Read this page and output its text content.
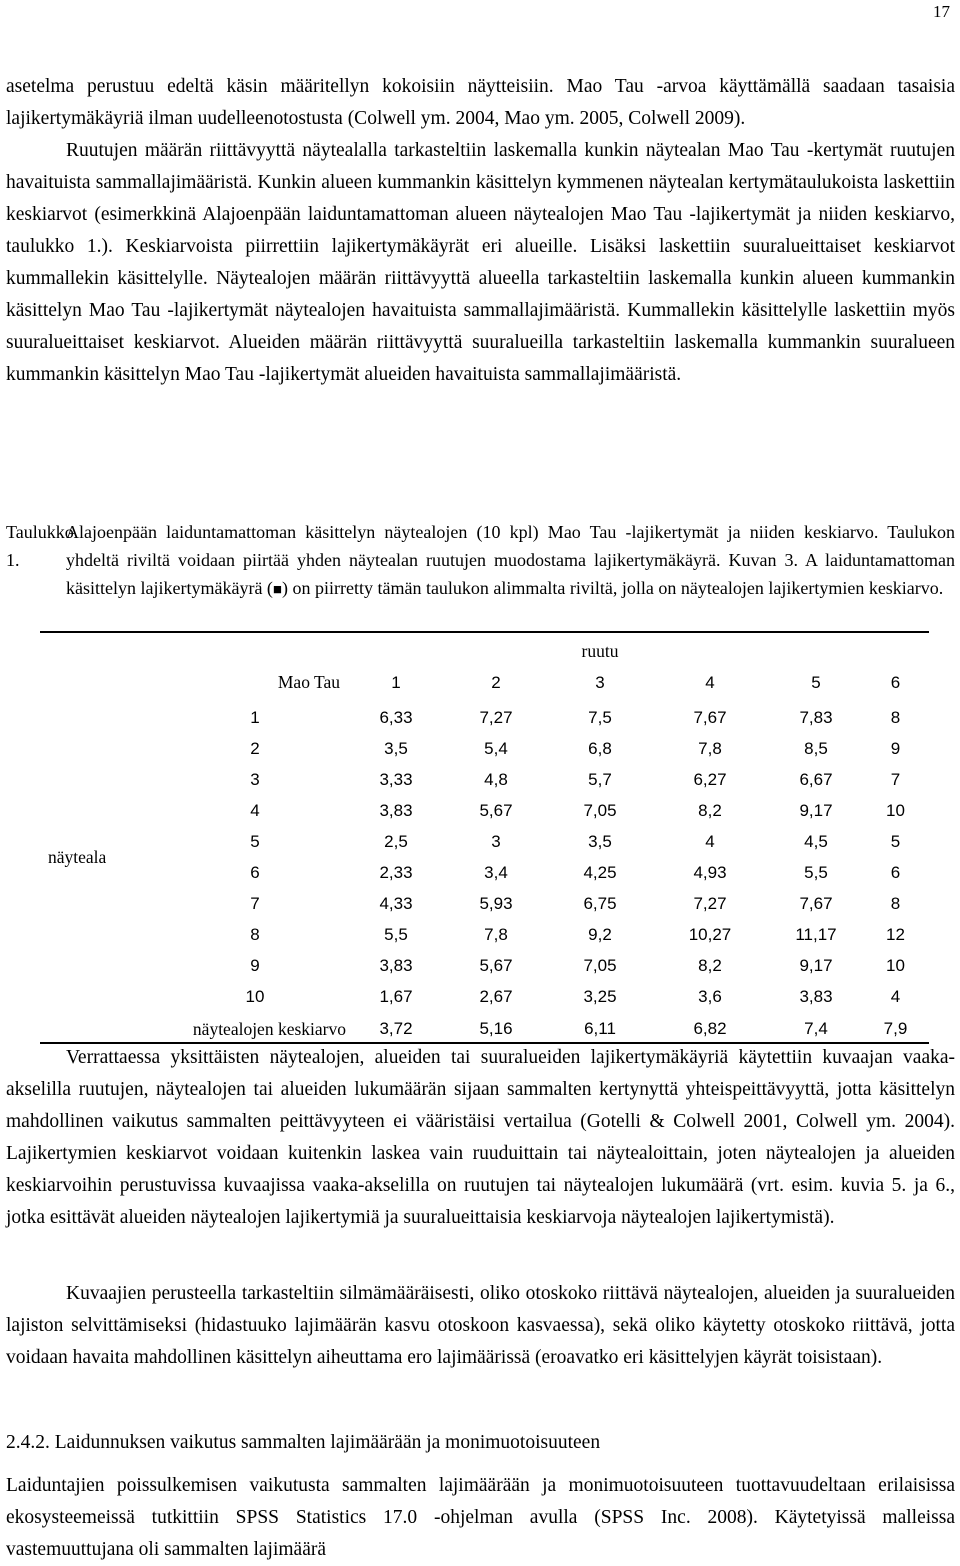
17
asetelma perustuu edeltä käsin määritellyn kokoisiin näytteisiin. Mao Tau -arvoa käyttämällä saadaan tasaisia lajikertymäkäyriä ilman uudelleenotostusta (Colwell ym. 2004, Mao ym. 2005, Colwell 2009).
Ruutujen määrän riittävyyttä näytealalla tarkasteltiin laskemalla kunkin näytealan Mao Tau -kertymät ruutujen havaituista sammallajimääristä. Kunkin alueen kummankin käsittelyn kymmenen näytealan kertymätaulukoista laskettiin keskiarvot (esimerkkinä Alajoenpään laiduntamattoman alueen näytealojen Mao Tau -lajikertymät ja niiden keskiarvo, taulukko 1.). Keskiarvoista piirrettiin lajikertymäkäyrät eri alueille. Lisäksi laskettiin suuralueittaiset keskiarvot kummallekin käsittelylle. Näytealojen määrän riittävyyttä alueella tarkasteltiin laskemalla kunkin alueen kummankin käsittelyn Mao Tau -lajikertymät näytealojen havaituista sammallajimääristä. Kummallekin käsittelylle laskettiin myös suuralueittaiset keskiarvot. Alueiden määrän riittävyyttä suuralueilla tarkasteltiin laskemalla kummankin suuralueen kummankin käsittelyn Mao Tau -lajikertymät alueiden havaituista sammallajimääristä.
Taulukko 1.
Alajoenpään laiduntamattoman käsittelyn näytealojen (10 kpl) Mao Tau -lajikertymät ja niiden keskiarvo. Taulukon yhdeltä riviltä voidaan piirtää yhden näytealan ruutujen muodostama lajikertymäkäyrä. Kuvan 3. A laiduntamattoman käsittelyn lajikertymäkäyrä (■) on piirretty tämän taulukon alimmalta riviltä, jolla on näytealojen lajikertymien keskiarvo.
				ruutu			
	Mao Tau	1	2	3	4	5	6
näyteala	1	6,33	7,27	7,5	7,67	7,83	8
	2	3,5	5,4	6,8	7,8	8,5	9
	3	3,33	4,8	5,7	6,27	6,67	7
	4	3,83	5,67	7,05	8,2	9,17	10
	5	2,5	3	3,5	4	4,5	5
	6	2,33	3,4	4,25	4,93	5,5	6
	7	4,33	5,93	6,75	7,27	7,67	8
	8	5,5	7,8	9,2	10,27	11,17	12
	9	3,83	5,67	7,05	8,2	9,17	10
	10	1,67	2,67	3,25	3,6	3,83	4
näytealojen keskiarvo		3,72	5,16	6,11	6,82	7,4	7,9
Verrattaessa yksittäisten näytealojen, alueiden tai suuralueiden lajikertymäkäyriä käytettiin kuvaajan vaaka-akselilla ruutujen, näytealojen tai alueiden lukumäärän sijaan sammalten kertynyttä yhteispeittävyyttä, jotta käsittelyn mahdollinen vaikutus sammalten peittävyyteen ei vääristäisi vertailua (Gotelli & Colwell 2001, Colwell ym. 2004). Lajikertymien keskiarvot voidaan kuitenkin laskea vain ruuduittain tai näytealoittain, joten näytealojen ja alueiden keskiarvoihin perustuvissa kuvaajissa vaaka-akselilla on ruutujen tai näytealojen lukumäärä (vrt. esim. kuvia 5. ja 6., jotka esittävät alueiden näytealojen lajikertymiä ja suuralueittaisia keskiarvoja näytealojen lajikertymistä).
Kuvaajien perusteella tarkasteltiin silmämääräisesti, oliko otoskoko riittävä näytealojen, alueiden ja suuralueiden lajiston selvittämiseksi (hidastuuko lajimäärän kasvu otoskoon kasvaessa), sekä oliko käytetty otoskoko riittävä, jotta voidaan havaita mahdollinen käsittelyn aiheuttama ero lajimäärissä (eroavatko eri käsittelyjen käyrät toisistaan).
2.4.2. Laidunnuksen vaikutus sammalten lajimäärään ja monimuotoisuuteen
Laiduntajien poissulkemisen vaikutusta sammalten lajimäärään ja monimuotoisuuteen tuottavuudeltaan erilaisissa ekosysteemeissä tutkittiin SPSS Statistics 17.0 -ohjelman avulla (SPSS Inc. 2008). Käytetyissä malleissa vastemuuttujana oli sammalten lajimäärä
